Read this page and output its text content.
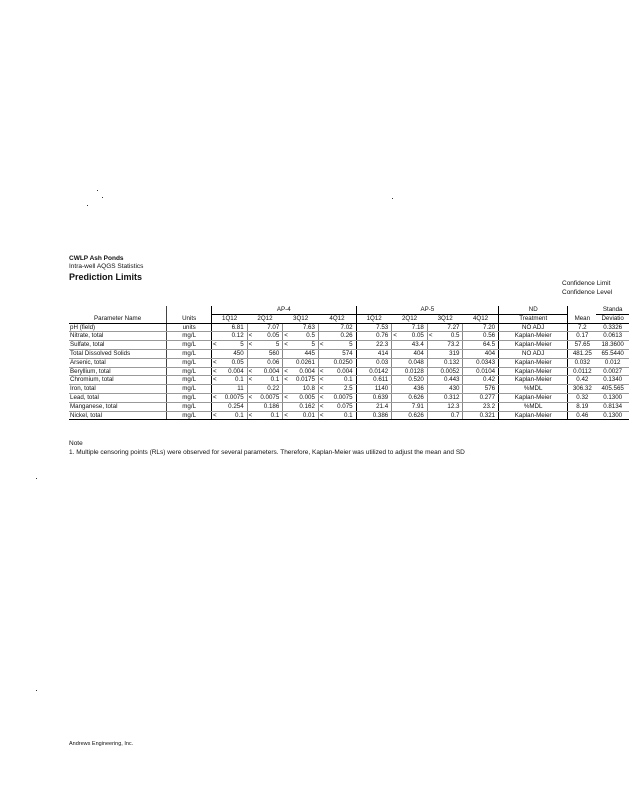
CWLP Ash Ponds
Intra-well AQGS Statistics
Prediction Limits
Confidence Limit
Confidence Level
		AP-4								AP-5								ND		Standa
Parameter Name	Units	1Q12		2Q12		3Q12		4Q12		1Q12		2Q12		3Q12		4Q12		Treatment	Mean	Deviatio
pH (field)	units		6.81		7.07		7.63		7.02		7.53		7.18		7.27		7.20	NO ADJ	7.2	0.3326
Nitrate, total	mg/L		0.12	<	0.05	<	0.5		0.26		0.76	<	0.05	<	0.5		0.56	Kaplan-Meier	0.17	0.0613
Sulfate, total	mg/L	<	5	<	5	<	5	<	5		22.3		43.4		73.2		64.5	Kaplan-Meier	57.65	18.3600
Total Dissolved Solids	mg/L		450		560		445		574		414		404		319		404	NO ADJ	481.25	65.5440
Arsenic, total	mg/L	<	0.05		0.06		0.0261		0.0250		0.03		0.048		0.132		0.0343	Kaplan-Meier	0.032	0.012
Beryllium, total	mg/L	<	0.004	<	0.004	<	0.004	<	0.004		0.0142		0.0128		0.0052		0.0104	Kaplan-Meier	0.0112	0.0027
Chromium, total	mg/L	<	0.1	<	0.1	<	0.0175	<	0.1		0.611		0.520		0.443		0.42	Kaplan-Meier	0.42	0.1340
Iron, total	mg/L		11		0.22		10.8	<	2.5		1140		436		430		576	%MDL	306.32	405.565
Lead, total	mg/L	<	0.0075	<	0.0075	<	0.005	<	0.0075		0.639		0.626		0.312		0.277	Kaplan-Meier	0.32	0.1300
Manganese, total	mg/L		0.254		0.186		0.162	<	0.075		21.4		7.91		12.3		23.2	%MDL	8.19	0.8134
Nickel, total	mg/L	<	0.1	<	0.1	<	0.01	<	0.1		0.386		0.626		0.7		0.321	Kaplan-Meier	0.46	0.1300
Note
1. Multiple censoring points (RLs) were observed for several parameters. Therefore, Kaplan-Meier was utilized to adjust the mean and SD
Andrews Engineering, Inc.
